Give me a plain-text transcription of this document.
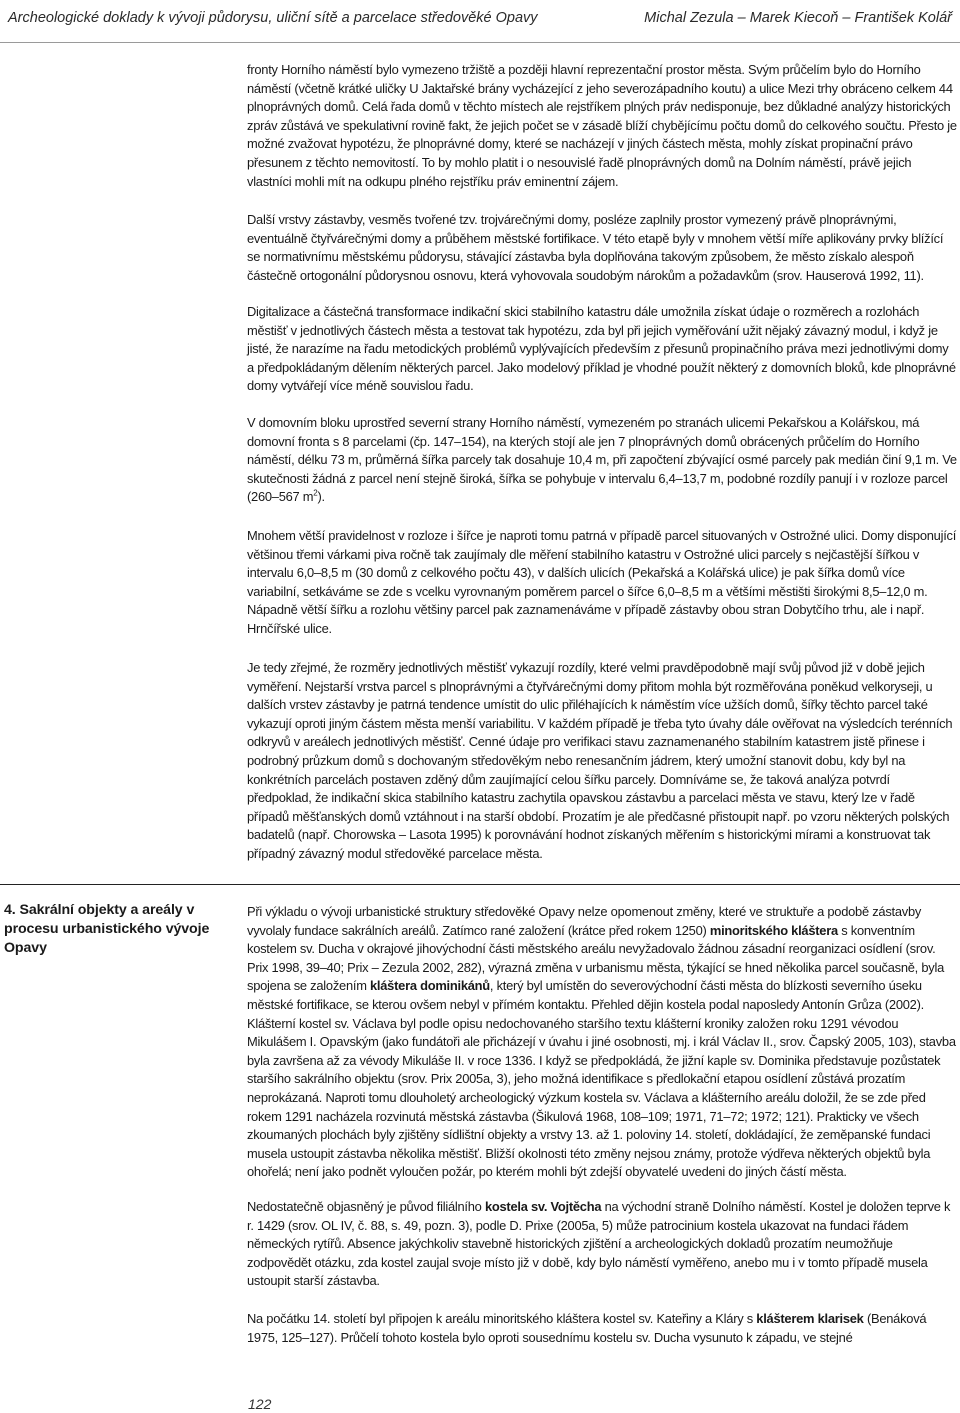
Archeologické doklady k vývoji půdorysu, uliční sítě a parcelace středověké Opavy	Michal Zezula – Marek Kiecoň – František Kolář

fronty Horního náměstí bylo vymezeno tržiště a později hlavní reprezentační prostor města. Svým průčelím bylo do Horního náměstí (včetně krátké uličky U Jaktařské brány vycházející z jeho severozápadního koutu) a ulice Mezi trhy obráceno celkem 44 plnoprávných domů. Celá řada domů v těchto místech ale rejstříkem plných práv nedisponuje, bez důkladné analýzy historických zpráv zůstává ve spekulativní rovině fakt, že jejich počet se v zásadě blíží chybějícímu počtu domů do celkového součtu. Přesto je možné zvažovat hypotézu, že plnoprávné domy, které se nacházejí v jiných částech města, mohly získat propinační právo přesunem z těchto nemovitostí. To by mohlo platit i o nesouvislé řadě plnoprávných domů na Dolním náměstí, právě jejich vlastníci mohli mít na odkupu plného rejstříku práv eminentní zájem.

Další vrstvy zástavby, vesměs tvořené tzv. trojvárečnými domy, posléze zaplnily prostor vymezený právě plnoprávnými, eventuálně čtyřvárečnými domy a průběhem městské fortifikace. V této etapě byly v mnohem větší míře aplikovány prvky blížící se normativnímu městskému půdorysu, stávající zástavba byla doplňována takovým způsobem, že město získalo alespoň částečně ortogonální půdorysnou osnovu, která vyhovovala soudobým nárokům a požadavkům (srov. Hauserová 1992, 11).

Digitalizace a částečná transformace indikační skici stabilního katastru dále umožnila získat údaje o rozměrech a rozlohách městišť v jednotlivých částech města a testovat tak hypotézu, zda byl při jejich vyměřování užit nějaký závazný modul, i když je jisté, že narazíme na řadu metodických problémů vyplývajících především z přesunů propinačního práva mezi jednotlivými domy a předpokládaným dělením některých parcel. Jako modelový příklad je vhodné použít některý z domovních bloků, kde plnoprávné domy vytvářejí více méně souvislou řadu.

V domovním bloku uprostřed severní strany Horního náměstí, vymezeném po stranách ulicemi Pekařskou a Kolářskou, má domovní fronta s 8 parcelami (čp. 147–154), na kterých stojí ale jen 7 plnoprávných domů obrácených průčelím do Horního náměstí, délku 73 m, průměrná šířka parcely tak dosahuje 10,4 m, při započtení zbývající osmé parcely pak medián činí 9,1 m. Ve skutečnosti žádná z parcel není stejně široká, šířka se pohybuje v intervalu 6,4–13,7 m, podobné rozdíly panují i v rozloze parcel (260–567 $m^2$).

Mnohem větší pravidelnost v rozloze i šířce je naproti tomu patrná v případě parcel situovaných v Ostrožné ulici. Domy disponující většinou třemi várkami piva ročně tak zaujímaly dle měření stabilního katastru v Ostrožné ulici parcely s nejčastější šířkou v intervalu 6,0–8,5 m (30 domů z celkového počtu 43), v dalších ulicích (Pekařská a Kolářská ulice) je pak šířka domů více variabilní, setkáváme se zde s vcelku vyrovnaným poměrem parcel o šířce 6,0–8,5 m a většími městišti širokými 8,5–12,0 m. Nápadně větší šířku a rozlohu většiny parcel pak zaznamenáváme v případě zástavby obou stran Dobytčího trhu, ale i např. Hrnčířské ulice.

Je tedy zřejmé, že rozměry jednotlivých městišť vykazují rozdíly, které velmi pravděpodobně mají svůj původ již v době jejich vyměření. Nejstarší vrstva parcel s plnoprávnými a čtyřvárečnými domy přitom mohla být rozměřována poněkud velkoryseji, u dalších vrstev zástavby je patrná tendence umístit do ulic přiléhajících k náměstím více užších domů, šířky těchto parcel také vykazují oproti jiným částem města menší variabilitu. V každém případě je třeba tyto úvahy dále ověřovat na výsledcích terénních odkryvů v areálech jednotlivých městišť. Cenné údaje pro verifikaci stavu zaznamenaného stabilním katastrem jistě přinese i podrobný průzkum domů s dochovaným středověkým nebo renesančním jádrem, který umožní stanovit dobu, kdy byl na konkrétních parcelách postaven zděný dům zaujímající celou šířku parcely. Domníváme se, že taková analýza potvrdí předpoklad, že indikační skica stabilního katastru zachytila opavskou zástavbu a parcelaci města ve stavu, který lze v řadě případů měšťanských domů vztáhnout i na starší období. Prozatím je ale předčasné přistoupit např. po vzoru některých polských badatelů (např. Chorowska – Lasota 1995) k porovnávání hodnot získaných měřením s historickými mírami a konstruovat tak případný závazný modul středověké parcelace města.

4. Sakrální objekty a areály v procesu urbanistického vývoje Opavy

Při výkladu o vývoji urbanistické struktury středověké Opavy nelze opomenout změny, které ve struktuře a podobě zástavby vyvolaly fundace sakrálních areálů. Zatímco rané založení (krátce před rokem 1250) minoritského kláštera s konventním kostelem sv. Ducha v okrajové jihovýchodní části městského areálu nevyžadovalo žádnou zásadní reorganizaci osídlení (srov. Prix 1998, 39–40; Prix – Zezula 2002, 282), výrazná změna v urbanismu města, týkající se hned několika parcel současně, byla spojena se založením kláštera dominikánů, který byl umístěn do severovýchodní části města do blízkosti severního úseku městské fortifikace, se kterou ovšem nebyl v přímém kontaktu. Přehled dějin kostela podal naposledy Antonín Grůza (2002). Klášterní kostel sv. Václava byl podle opisu nedochovaného staršího textu klášterní kroniky založen roku 1291 vévodou Mikulášem I. Opavským (jako fundátoři ale přicházejí v úvahu i jiné osobnosti, mj. i král Václav II., srov. Čapský 2005, 103), stavba byla završena až za vévody Mikuláše II. v roce 1336. I když se předpokládá, že jižní kaple sv. Dominika představuje pozůstatek staršího sakrálního objektu (srov. Prix 2005a, 3), jeho možná identifikace s předlokační etapou osídlení zůstává prozatím neprokázaná. Naproti tomu dlouholetý archeologický výzkum kostela sv. Václava a klášterního areálu doložil, že se zde před rokem 1291 nacházela rozvinutá městská zástavba (Šikulová 1968, 108–109; 1971, 71–72; 1972; 121). Prakticky ve všech zkoumaných plochách byly zjištěny sídlištní objekty a vrstvy 13. až 1. poloviny 14. století, dokládající, že zeměpanské fundaci musela ustoupit zástavba několika městišť. Bližší okolnosti této změny nejsou známy, protože výdřeva některých objektů byla ohořelá; není jako podnět vyloučen požár, po kterém mohli být zdejší obyvatelé uvedeni do jiných částí města.

Nedostatečně objasněný je původ filiálního kostela sv. Vojtěcha na východní straně Dolního náměstí. Kostel je doložen teprve k r. 1429 (srov. OL IV, č. 88, s. 49, pozn. 3), podle D. Prixe (2005a, 5) může patrocinium kostela ukazovat na fundaci řádem německých rytířů. Absence jakýchkoliv stavebně historických zjištění a archeologických dokladů prozatím neumožňuje zodpovědět otázku, zda kostel zaujal svoje místo již v době, kdy bylo náměstí vyměřeno, anebo mu i v tomto případě musela ustoupit starší zástavba.

Na počátku 14. století byl připojen k areálu minoritského kláštera kostel sv. Kateřiny a Kláry s klášterem klarisek (Benáková 1975, 125–127). Průčelí tohoto kostela bylo oproti sousednímu kostelu sv. Ducha vysunuto k západu, ve stejné

122
